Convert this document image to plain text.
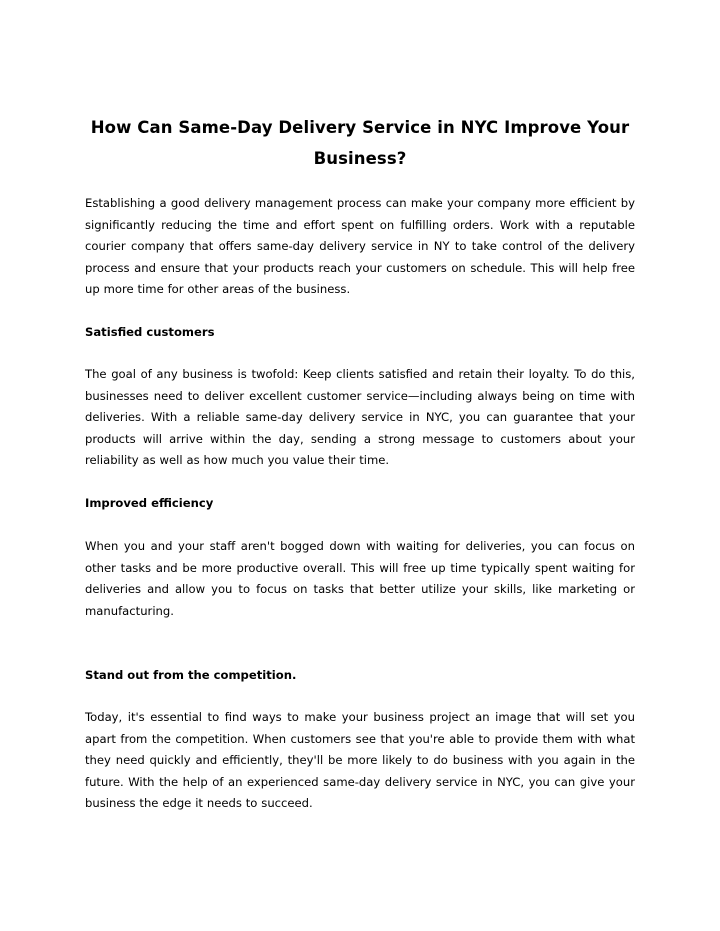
How Can Same-Day Delivery Service in NYC Improve Your Business?

Establishing a good delivery management process can make your company more efficient by significantly reducing the time and effort spent on fulfilling orders. Work with a reputable courier company that offers same-day delivery service in NY to take control of the delivery process and ensure that your products reach your customers on schedule. This will help free up more time for other areas of the business.

Satisfied customers

The goal of any business is twofold: Keep clients satisfied and retain their loyalty. To do this, businesses need to deliver excellent customer service—including always being on time with deliveries. With a reliable same-day delivery service in NYC, you can guarantee that your products will arrive within the day, sending a strong message to customers about your reliability as well as how much you value their time.

Improved efficiency

When you and your staff aren't bogged down with waiting for deliveries, you can focus on other tasks and be more productive overall. This will free up time typically spent waiting for deliveries and allow you to focus on tasks that better utilize your skills, like marketing or manufacturing.

Stand out from the competition.

Today, it's essential to find ways to make your business project an image that will set you apart from the competition. When customers see that you're able to provide them with what they need quickly and efficiently, they'll be more likely to do business with you again in the future. With the help of an experienced same-day delivery service in NYC, you can give your business the edge it needs to succeed.
